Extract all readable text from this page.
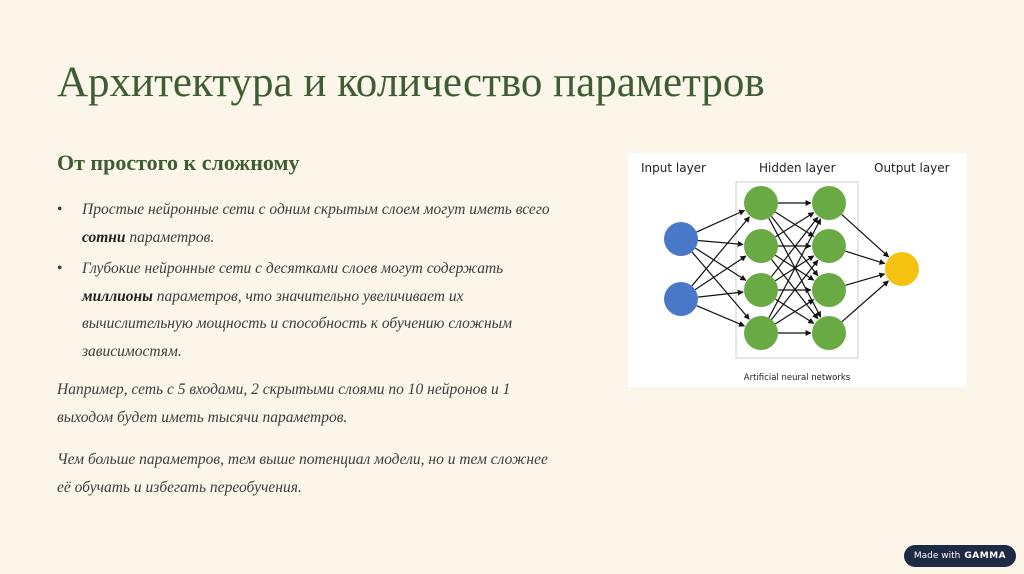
Архитектура и количество параметров
От простого к сложному
• Простые нейронные сети с одним скрытым слоем могут иметь всего сотни параметров.
• Глубокие нейронные сети с десятками слоев могут содержать миллионы параметров, что значительно увеличивает их вычислительную мощность и способность к обучению сложным зависимостям.

Например, сеть с 5 входами, 2 скрытыми слоями по 10 нейронов и 1 выходом будет иметь тысячи параметров.

Чем больше параметров, тем выше потенциал модели, но и тем сложнее её обучать и избегать переобучения.

Input layer	Hidden layer	Output layer
Artificial neural networks
Made with GAMMA
